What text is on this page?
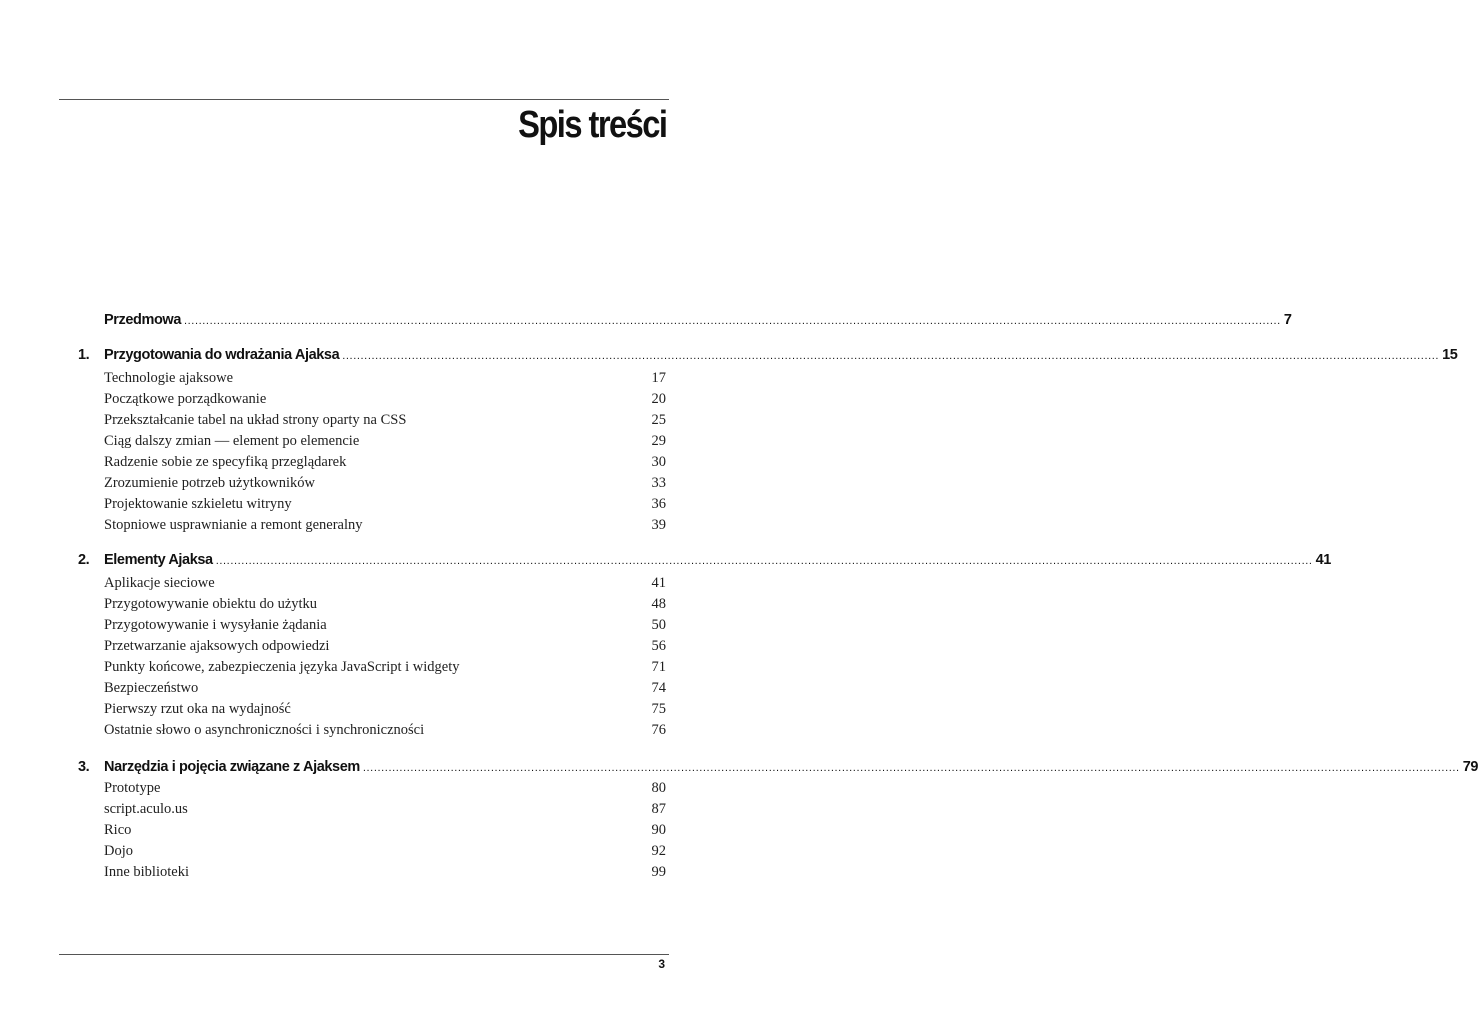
Spis treści
Przedmowa ............................................................................................................................................................................................................................................................................................................ 7
1.	Przygotowania do wdrażania Ajaksa ............................................................................................................................................................................................................................................................................................................ 15
Technologie ajaksowe	17
Początkowe porządkowanie	20
Przekształcanie tabel na układ strony oparty na CSS	25
Ciąg dalszy zmian — element po elemencie	29
Radzenie sobie ze specyfiką przeglądarek	30
Zrozumienie potrzeb użytkowników	33
Projektowanie szkieletu witryny	36
Stopniowe usprawnianie a remont generalny	39
2.	Elementy Ajaksa ............................................................................................................................................................................................................................................................................................................ 41
Aplikacje sieciowe	41
Przygotowywanie obiektu do użytku	48
Przygotowywanie i wysyłanie żądania	50
Przetwarzanie ajaksowych odpowiedzi	56
Punkty końcowe, zabezpieczenia języka JavaScript i widgety	71
Bezpieczeństwo	74
Pierwszy rzut oka na wydajność	75
Ostatnie słowo o asynchroniczności i synchroniczności	76
3.	Narzędzia i pojęcia związane z Ajaksem ............................................................................................................................................................................................................................................................................................................ 79
Prototype	80
script.aculo.us	87
Rico	90
Dojo	92
Inne biblioteki	99
3
